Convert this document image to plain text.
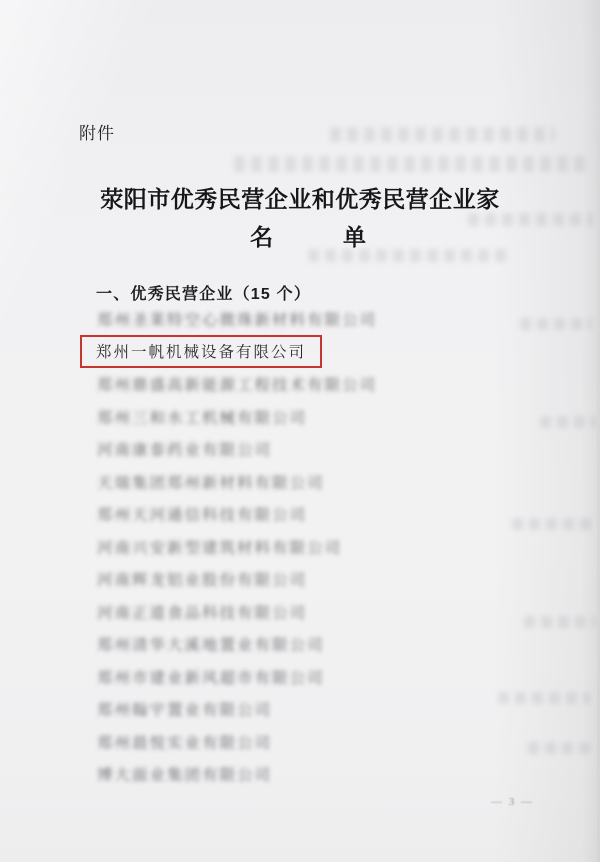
附件
荥阳市优秀民营企业和优秀民营企业家
名	单
一、优秀民营企业（15 个）
郑州圣莱特空心微珠新材料有限公司
郑州一帆机械设备有限公司
郑州鼎盛高新能源工程技术有限公司
郑州三和水工机械有限公司
河南康泰药业有限公司
天瑞集团郑州新材料有限公司
郑州天河通信科技有限公司
河南兴安新型建筑材料有限公司
河南辉龙铝业股份有限公司
河南正道食品科技有限公司
郑州清华大溪地置业有限公司
郑州市建业新风超市有限公司
郑州翰宇置业有限公司
郑州晨悦实业有限公司
博大面业集团有限公司
— 3 —
